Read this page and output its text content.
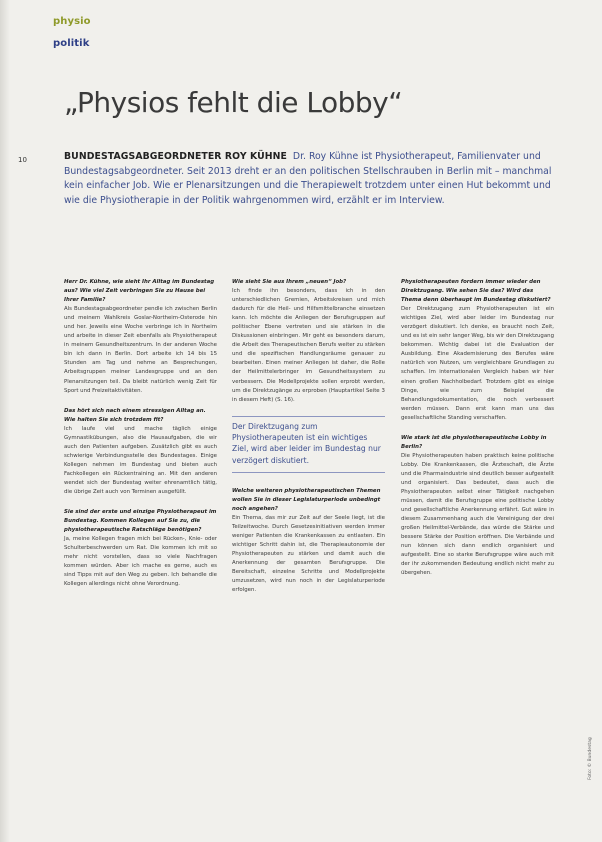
physio
politik
10
„Physios fehlt die Lobby“
BUNDESTAGSABGEORDNETER ROY KÜHNE Dr. Roy Kühne ist Physiotherapeut, Familienvater und Bundestagsabgeordneter. Seit 2013 dreht er an den politischen Stellschrauben in Berlin mit – manchmal kein einfacher Job. Wie er Plenarsitzungen und die Therapiewelt trotzdem unter einen Hut bekommt und wie die Physiotherapie in der Politik wahrgenommen wird, erzählt er im Interview.
Herr Dr. Kühne, wie sieht Ihr Alltag im Bundestag aus? Wie viel Zeit verbringen Sie zu Hause bei Ihrer Familie?
Als Bundestagsabgeordneter pendle ich zwischen Berlin und meinem Wahlkreis Goslar-Northeim-Osterode hin und her. Jeweils eine Woche verbringe ich in Northeim und arbeite in dieser Zeit ebenfalls als Physiotherapeut in meinem Gesundheitszentrum. In der anderen Woche bin ich dann in Berlin. Dort arbeite ich 14 bis 15 Stunden am Tag und nehme an Besprechungen, Arbeitsgruppen meiner Landesgruppe und an den Plenarsitzungen teil. Da bleibt natürlich wenig Zeit für Sport und Freizeitaktivitäten.
Das hört sich nach einem stressigen Alltag an. Wie halten Sie sich trotzdem fit?
Ich laufe viel und mache täglich einige Gymnastikübungen, also die Hausaufgaben, die wir auch den Patienten aufgeben. Zusätzlich gibt es auch schwierige Verbindungsstelle des Bundestages. Einige Kollegen nehmen im Bundestag und bieten auch Fachkollegen ein Rückentraining an. Mit den anderen wendet sich der Bundestag weiter ehrenamtlich tätig, die übrige Zeit auch von Terminen ausgefüllt.
Sie sind der erste und einzige Physiotherapeut im Bundestag. Kommen Kollegen auf Sie zu, die physiotherapeutische Ratschläge benötigen?
Ja, meine Kollegen fragen mich bei Rücken-, Knie- oder Schulterbeschwerden um Rat. Die kommen ich mit so mehr nicht vorstellen, dass so viele Nachfragen kommen würden. Aber ich mache es gerne, auch es sind Tipps mit auf den Weg zu geben. Ich behandle die Kollegen allerdings nicht ohne Verordnung.
Wie sieht Sie aus Ihrem „neuen“ Job?
Ich finde ihn besonders, dass ich in den unterschiedlichen Gremien, Arbeitskreisen und mich dadurch für die Heil- und Hilfsmittelbranche einsetzen kann. Ich möchte die Anliegen der Berufsgruppen auf politischer Ebene vertreten und sie stärken in die Diskussionen einbringen. Mir geht es besonders darum, die Arbeit des Therapeutischen Berufs weiter zu stärken und die spezifischen Handlungsräume genauer zu bearbeiten. Einen meiner Anliegen ist daher, die Rolle der Heilmittelerbringer im Gesundheitssystem zu verbessern. Die Modellprojekte sollen erprobt werden, um die Direktzugänge zu erproben (Hauptartikel Seite 3 in diesem Heft) (S. 16).
Der Direktzugang zum Physiotherapeuten ist ein wichtiges Ziel, wird aber leider im Bundestag nur verzögert diskutiert.
Welche weiteren physiotherapeutischen Themen wollen Sie in dieser Legislaturperiode unbedingt noch angehen?
Ein Thema, das mir zur Zeit auf der Seele liegt, ist die Teilzeitwoche. Durch Gesetzesinitiativen werden immer weniger Patienten die Krankenkassen zu entlasten. Ein wichtiger Schritt dahin ist, die Therapieautonomie der Physiotherapeuten zu stärken und damit auch die Anerkennung der gesamten Berufsgruppe. Die Bereitschaft, einzelne Schritte und Modellprojekte umzusetzen, wird nun noch in der Legislaturperiode erfolgen.
Physiotherapeuten fordern immer wieder den Direktzugang. Wie sehen Sie das? Wird das Thema denn überhaupt im Bundestag diskutiert?
Der Direktzugang zum Physiotherapeuten ist ein wichtiges Ziel, wird aber leider im Bundestag nur verzögert diskutiert. Ich denke, es braucht noch Zeit, und es ist ein sehr langer Weg, bis wir den Direktzugang bekommen. Wichtig dabei ist die Evaluation der Ausbildung. Eine Akademisierung des Berufes wäre natürlich von Nutzen, um vergleichbare Grundlagen zu schaffen. Im internationalen Vergleich haben wir hier einen großen Nachholbedarf. Trotzdem gibt es einige Dinge, wie zum Beispiel die Behandlungsdokumentation, die noch verbessert werden müssen. Dann erst kann man uns das gesellschaftliche Standing verschaffen.
Wie stark ist die physiotherapeutische Lobby in Berlin?
Die Physiotherapeuten haben praktisch keine politische Lobby. Die Krankenkassen, die Ärzteschaft, die Ärzte und die Pharmaindustrie sind deutlich besser aufgestellt und organisiert. Das bedeutet, dass auch die Physiotherapeuten selbst einer Tätigkeit nachgehen müssen, damit die Berufsgruppe eine politische Lobby und gesellschaftliche Anerkennung erfährt. Gut wäre in diesem Zusammenhang auch die Vereinigung der drei großen Heilmittel-Verbände, das würde die Stärke und bessere Stärke der Position eröffnen. Die Verbände und nun können sich dann endlich organisiert und aufgestellt. Eine so starke Berufsgruppe wäre auch mit der ihr zukommenden Bedeutung endlich nicht mehr zu übergehen.
Foto: © Bundestag
